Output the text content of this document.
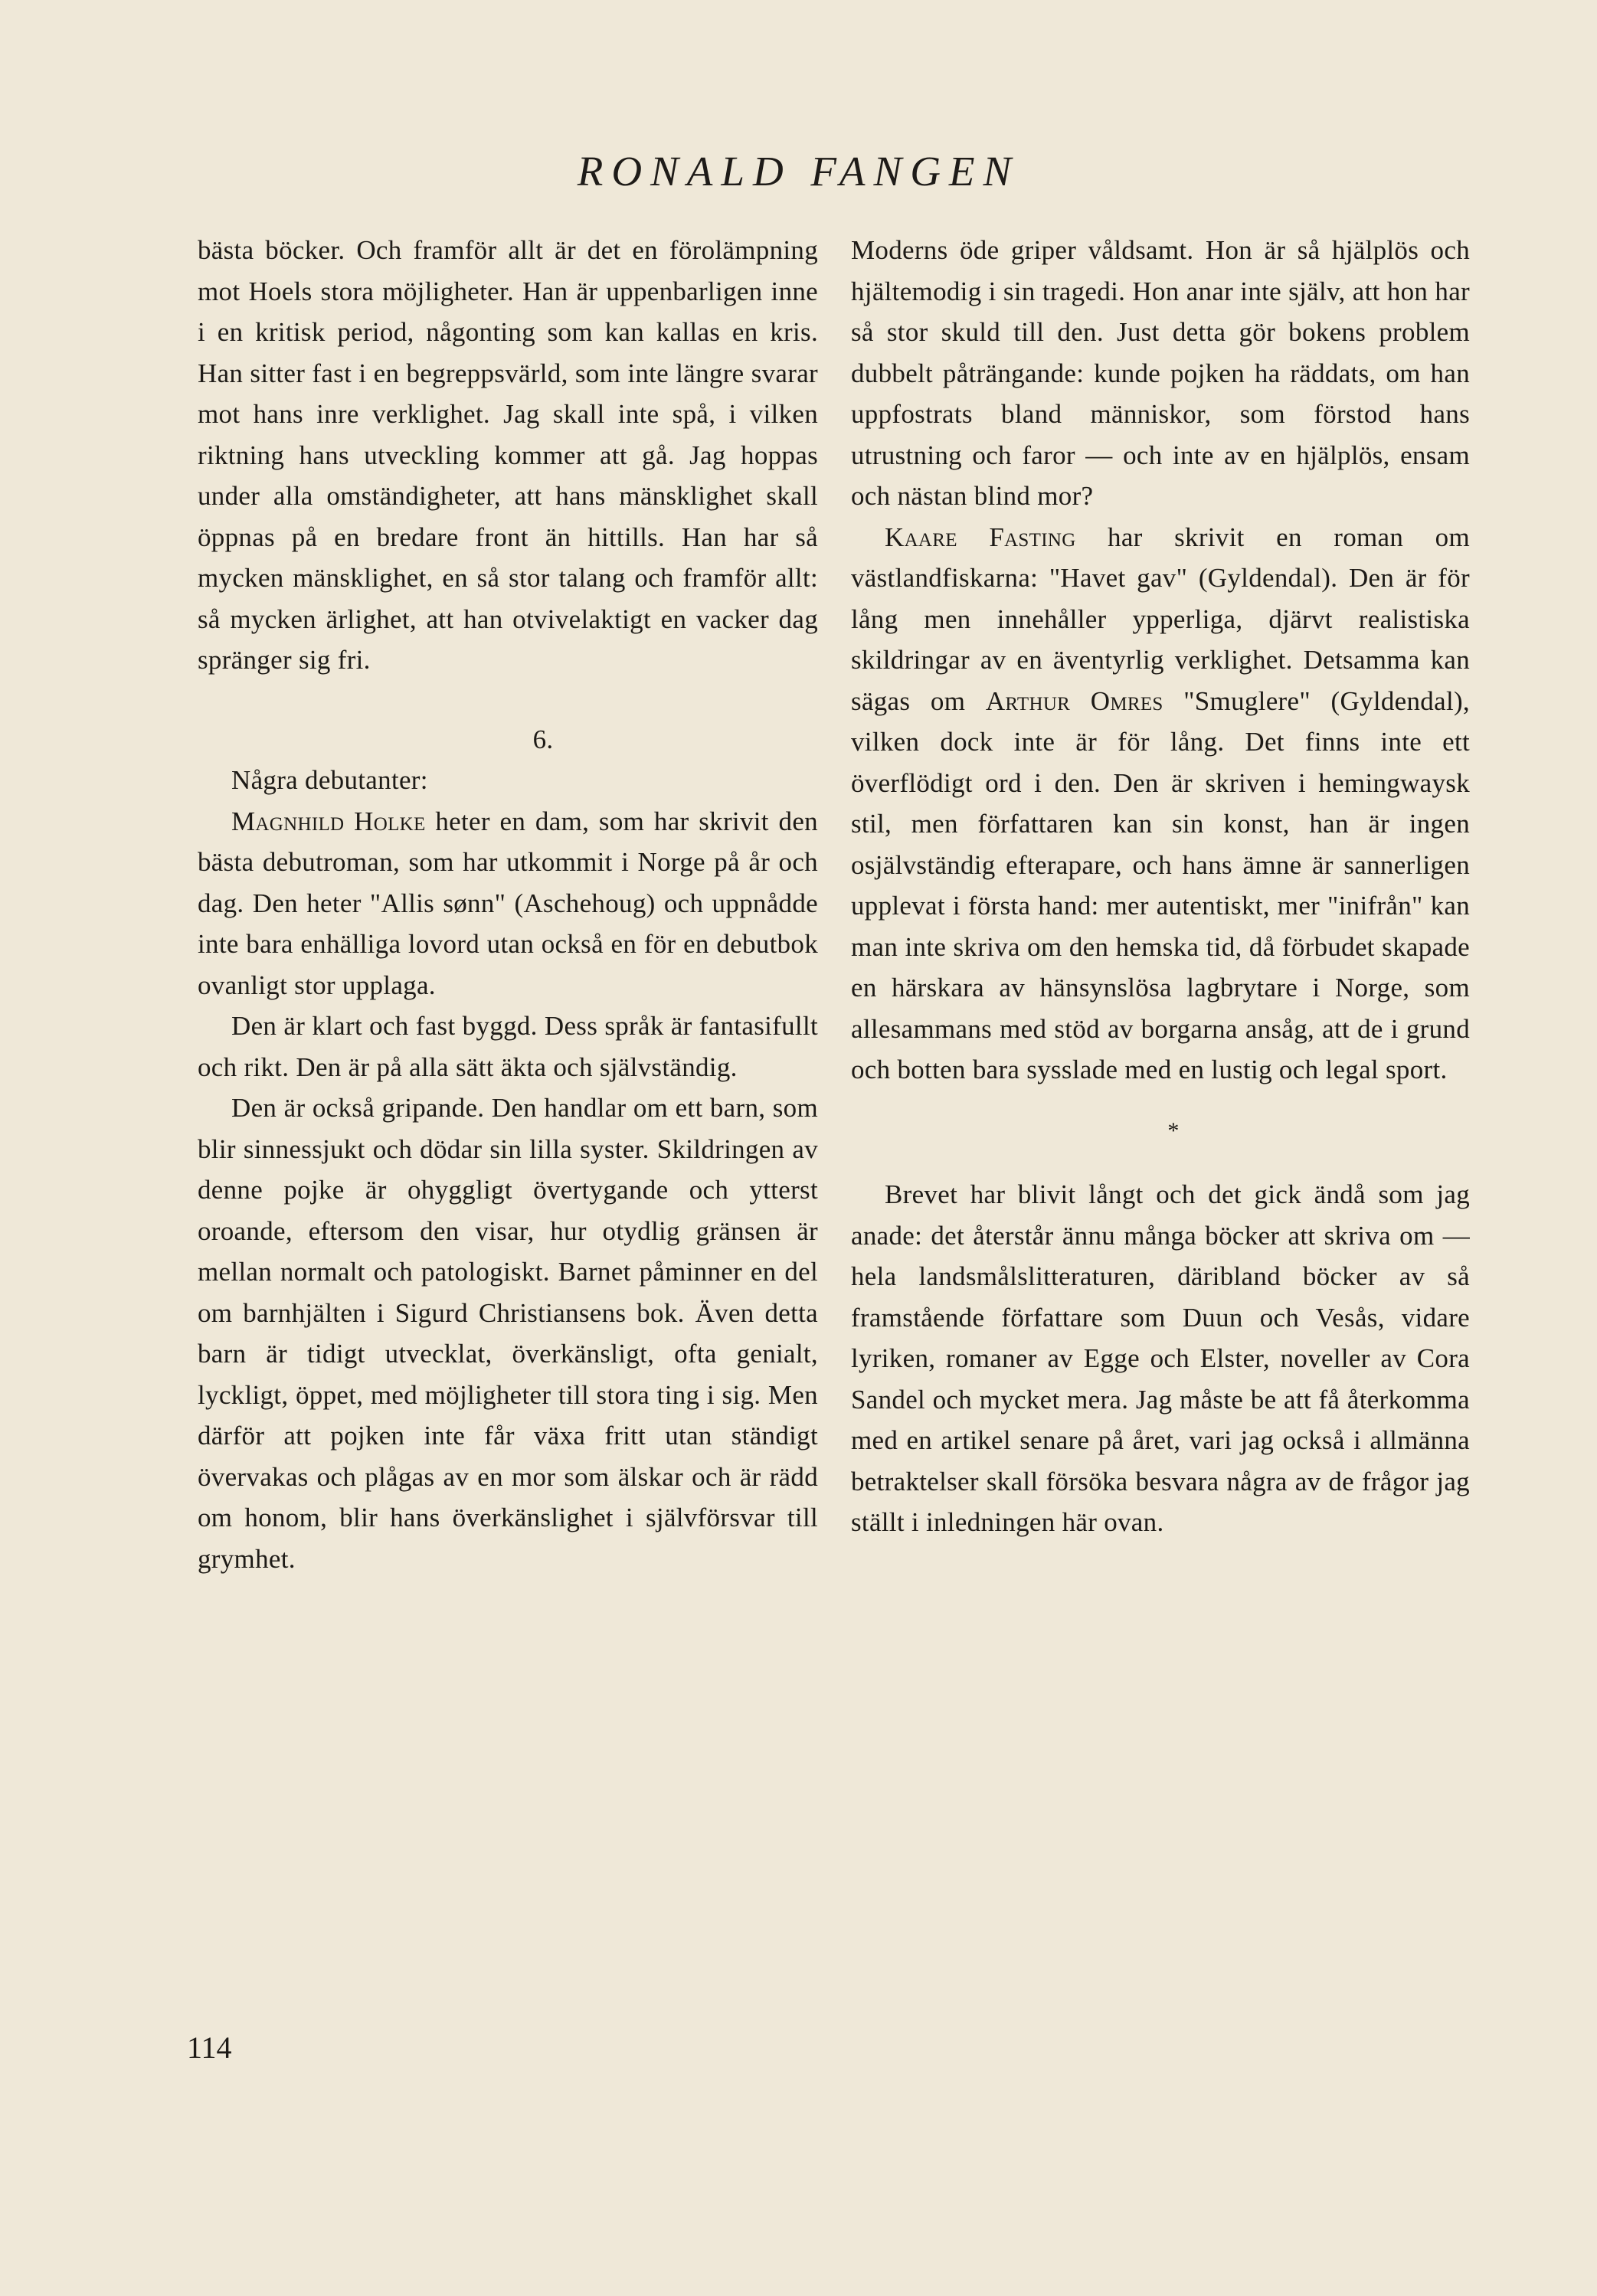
RONALD FANGEN

bästa böcker. Och framför allt är det en förolämpning mot Hoels stora möjligheter. Han är uppenbarligen inne i en kritisk period, någonting som kan kallas en kris. Han sitter fast i en begreppsvärld, som inte längre svarar mot hans inre verklighet. Jag skall inte spå, i vilken riktning hans utveckling kommer att gå. Jag hoppas under alla omständigheter, att hans mänsklighet skall öppnas på en bredare front än hittills. Han har så mycken mänsklighet, en så stor talang och framför allt: så mycken ärlighet, att han otvivelaktigt en vacker dag spränger sig fri.

6.

Några debutanter:

Magnhild Holke heter en dam, som har skrivit den bästa debutroman, som har utkommit i Norge på år och dag. Den heter "Allis sønn" (Aschehoug) och uppnådde inte bara enhälliga lovord utan också en för en debutbok ovanligt stor upplaga.

Den är klart och fast byggd. Dess språk är fantasifullt och rikt. Den är på alla sätt äkta och självständig.

Den är också gripande. Den handlar om ett barn, som blir sinnessjukt och dödar sin lilla syster. Skildringen av denne pojke är ohyggligt övertygande och ytterst oroande, eftersom den visar, hur otydlig gränsen är mellan normalt och patologiskt. Barnet påminner en del om barnhjälten i Sigurd Christiansens bok. Även detta barn är tidigt utvecklat, överkänsligt, ofta genialt, lyckligt, öppet, med möjligheter till stora ting i sig. Men därför att pojken inte får växa fritt utan ständigt övervakas och plågas av en mor som älskar och är rädd om honom, blir hans överkänslighet i självförsvar till grymhet.

Moderns öde griper våldsamt. Hon är så hjälplös och hjältemodig i sin tragedi. Hon anar inte själv, att hon har så stor skuld till den. Just detta gör bokens problem dubbelt påträngande: kunde pojken ha räddats, om han uppfostrats bland människor, som förstod hans utrustning och faror — och inte av en hjälplös, ensam och nästan blind mor?

Kaare Fasting har skrivit en roman om västlandfiskarna: "Havet gav" (Gyldendal). Den är för lång men innehåller ypperliga, djärvt realistiska skildringar av en äventyrlig verklighet. Detsamma kan sägas om Arthur Omres "Smuglere" (Gyldendal), vilken dock inte är för lång. Det finns inte ett överflödigt ord i den. Den är skriven i hemingwaysk stil, men författaren kan sin konst, han är ingen osjälvständig efterapare, och hans ämne är sannerligen upplevat i första hand: mer autentiskt, mer "inifrån" kan man inte skriva om den hemska tid, då förbudet skapade en härskara av hänsynslösa lagbrytare i Norge, som allesammans med stöd av borgarna ansåg, att de i grund och botten bara sysslade med en lustig och legal sport.

*

Brevet har blivit långt och det gick ändå som jag anade: det återstår ännu många böcker att skriva om — hela landsmålslitteraturen, däribland böcker av så framstående författare som Duun och Vesås, vidare lyriken, romaner av Egge och Elster, noveller av Cora Sandel och mycket mera. Jag måste be att få återkomma med en artikel senare på året, vari jag också i allmänna betraktelser skall försöka besvara några av de frågor jag ställt i inledningen här ovan.

114
